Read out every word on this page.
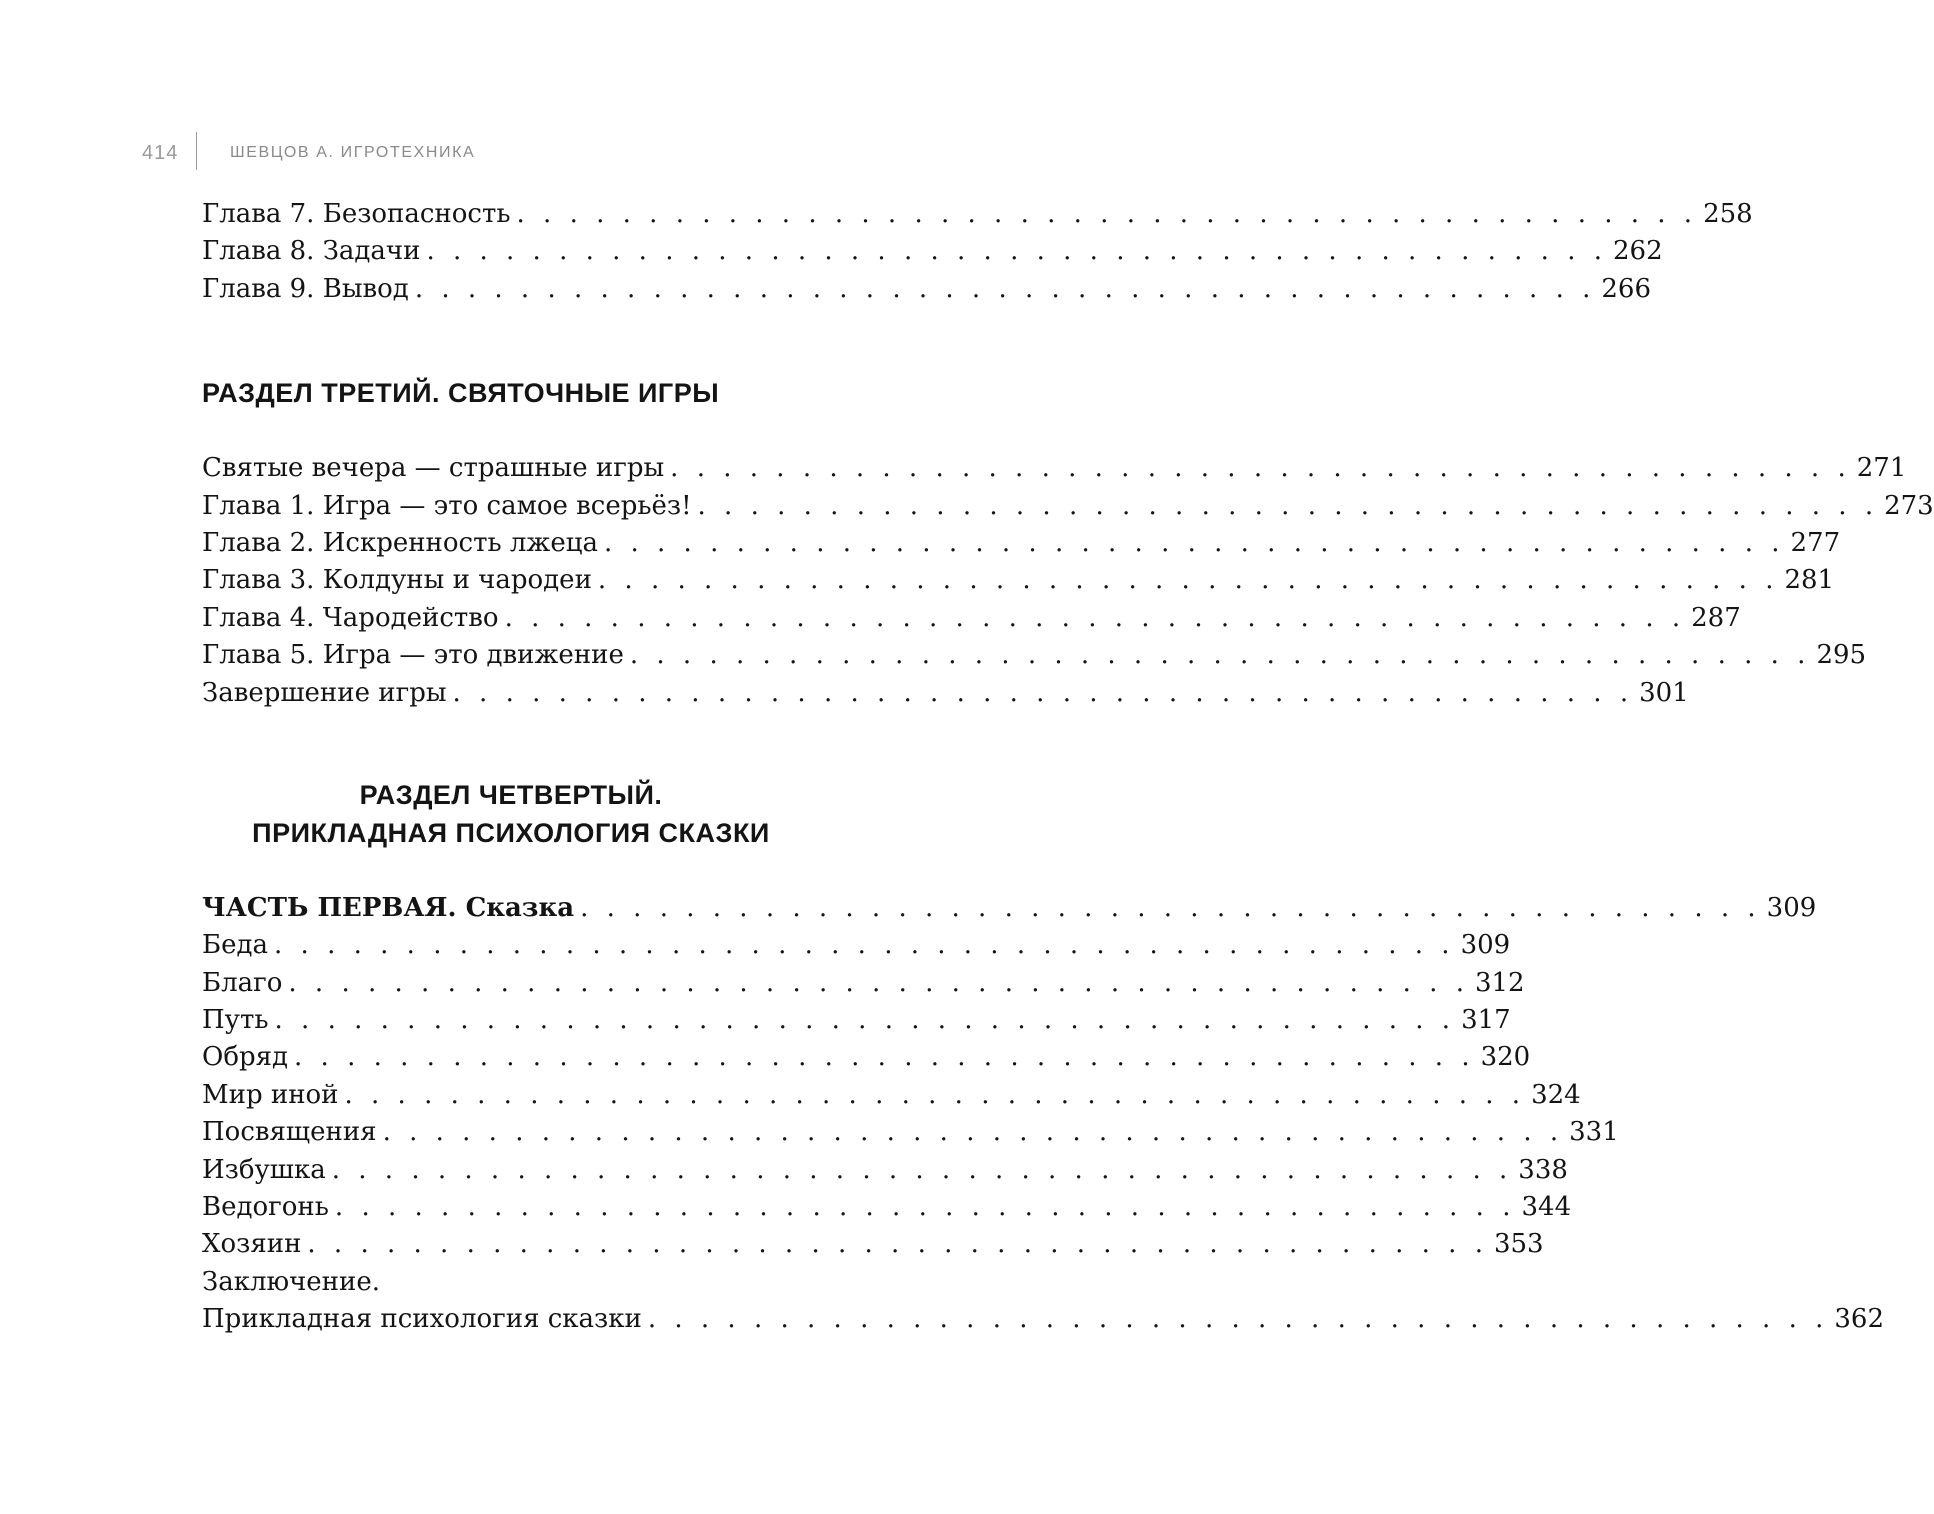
414	ШЕВЦОВ А. ИГРОТЕХНИКА
Глава 7. Безопасность . . . . . . . . . . . . . . . . . . . . . . . . . . . . . . . . . . . . . . . . . . . . . 258
Глава 8. Задачи . . . . . . . . . . . . . . . . . . . . . . . . . . . . . . . . . . . . . . . . . . . . . 262
Глава 9. Вывод . . . . . . . . . . . . . . . . . . . . . . . . . . . . . . . . . . . . . . . . . . . . . 266
РАЗДЕЛ ТРЕТИЙ. СВЯТОЧНЫЕ ИГРЫ
Святые вечера — страшные игры . . . . . . . . . . . . . . . . . . . . . . . . . . . . . . . . . . . . . . . . . . . . . 271
Глава 1. Игра — это самое всерьёз! . . . . . . . . . . . . . . . . . . . . . . . . . . . . . . . . . . . . . . . . . . . . . 273
Глава 2. Искренность лжеца . . . . . . . . . . . . . . . . . . . . . . . . . . . . . . . . . . . . . . . . . . . . . 277
Глава 3. Колдуны и чародеи . . . . . . . . . . . . . . . . . . . . . . . . . . . . . . . . . . . . . . . . . . . . . 281
Глава 4. Чародейство . . . . . . . . . . . . . . . . . . . . . . . . . . . . . . . . . . . . . . . . . . . . . 287
Глава 5. Игра — это движение . . . . . . . . . . . . . . . . . . . . . . . . . . . . . . . . . . . . . . . . . . . . . 295
Завершение игры . . . . . . . . . . . . . . . . . . . . . . . . . . . . . . . . . . . . . . . . . . . . . 301
РАЗДЕЛ ЧЕТВЕРТЫЙ.
ПРИКЛАДНАЯ ПСИХОЛОГИЯ СКАЗКИ
ЧАСТЬ ПЕРВАЯ. Сказка . . . . . . . . . . . . . . . . . . . . . . . . . . . . . . . . . . . . . . . . . . . . . 309
Беда . . . . . . . . . . . . . . . . . . . . . . . . . . . . . . . . . . . . . . . . . . . . . 309
Благо . . . . . . . . . . . . . . . . . . . . . . . . . . . . . . . . . . . . . . . . . . . . . 312
Путь . . . . . . . . . . . . . . . . . . . . . . . . . . . . . . . . . . . . . . . . . . . . . 317
Обряд . . . . . . . . . . . . . . . . . . . . . . . . . . . . . . . . . . . . . . . . . . . . . 320
Мир иной . . . . . . . . . . . . . . . . . . . . . . . . . . . . . . . . . . . . . . . . . . . . . 324
Посвящения . . . . . . . . . . . . . . . . . . . . . . . . . . . . . . . . . . . . . . . . . . . . . 331
Избушка . . . . . . . . . . . . . . . . . . . . . . . . . . . . . . . . . . . . . . . . . . . . . 338
Ведогонь . . . . . . . . . . . . . . . . . . . . . . . . . . . . . . . . . . . . . . . . . . . . . 344
Хозяин . . . . . . . . . . . . . . . . . . . . . . . . . . . . . . . . . . . . . . . . . . . . . 353
Заключение.
Прикладная психология сказки . . . . . . . . . . . . . . . . . . . . . . . . . . . . . . . . . . . . . . . . . . . . . 362
